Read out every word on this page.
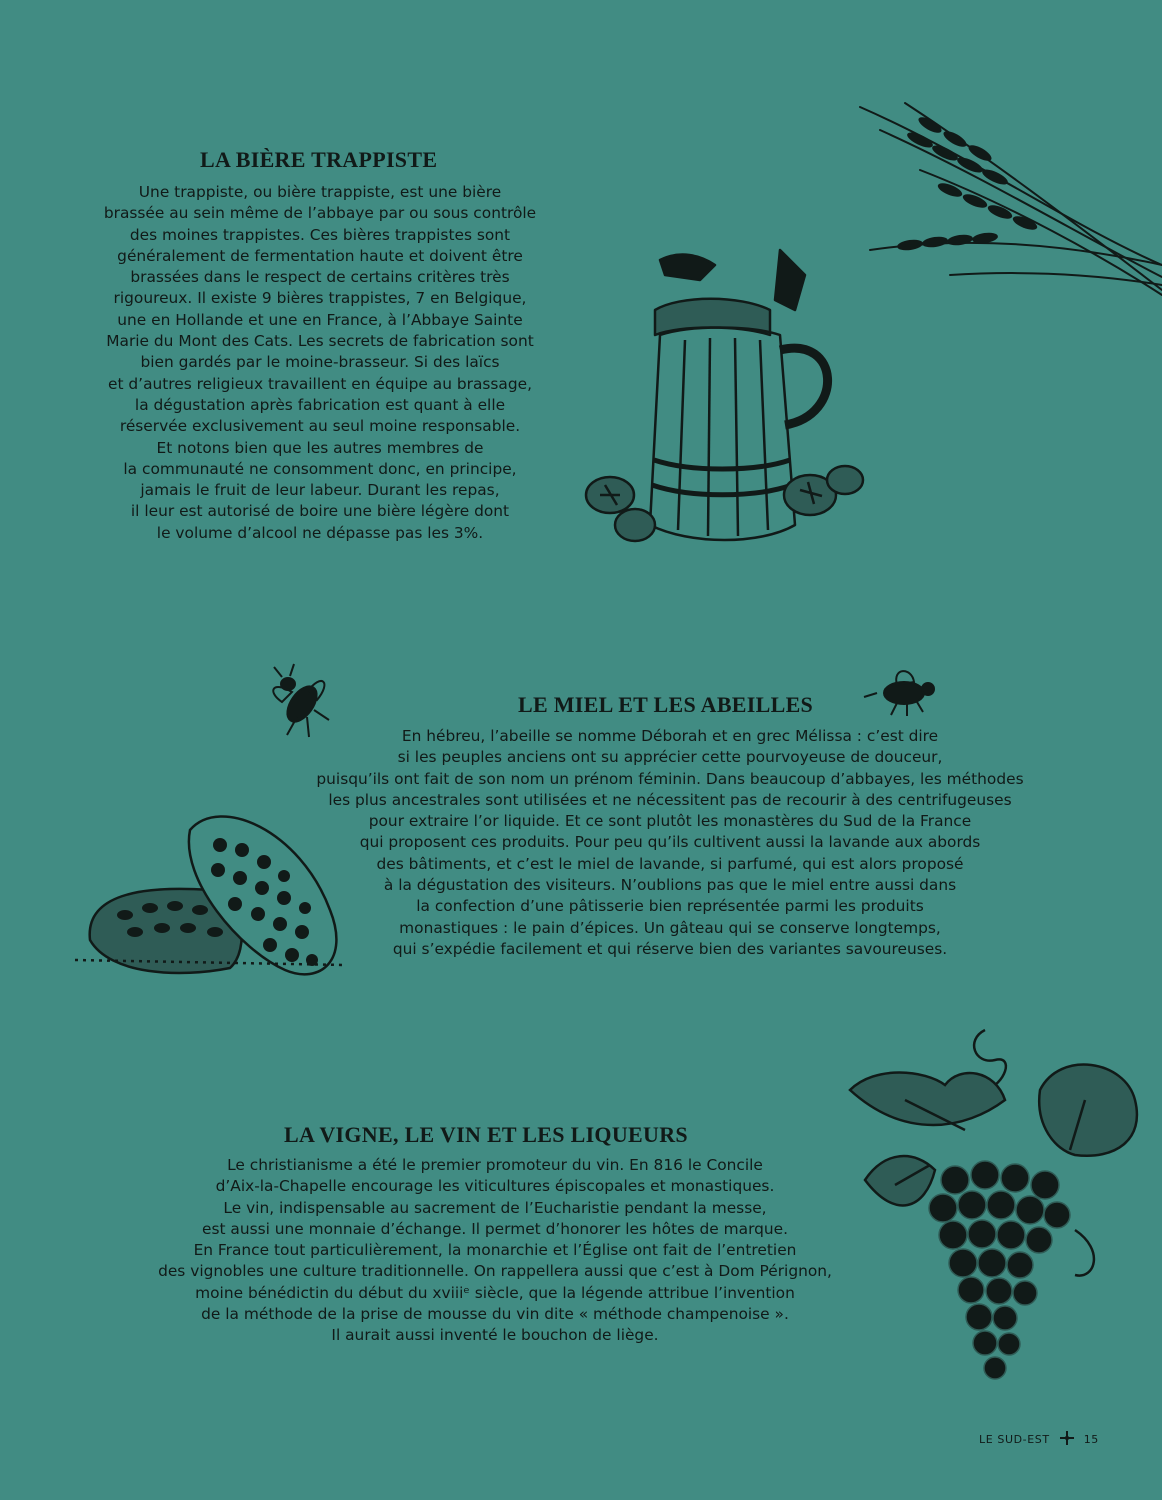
LA BIÈRE TRAPPISTE
Une trappiste, ou bière trappiste, est une bière
brassée au sein même de l’abbaye par ou sous contrôle
des moines trappistes. Ces bières trappistes sont
généralement de fermentation haute et doivent être
brassées dans le respect de certains critères très
rigoureux. Il existe 9 bières trappistes, 7 en Belgique,
une en Hollande et une en France, à l’Abbaye Sainte
Marie du Mont des Cats. Les secrets de fabrication sont
bien gardés par le moine-brasseur. Si des laïcs
et d’autres religieux travaillent en équipe au brassage,
la dégustation après fabrication est quant à elle
réservée exclusivement au seul moine responsable.
Et notons bien que les autres membres de
la communauté ne consomment donc, en principe,
jamais le fruit de leur labeur. Durant les repas,
il leur est autorisé de boire une bière légère dont
le volume d’alcool ne dépasse pas les 3%.
LE MIEL ET LES ABEILLES
En hébreu, l’abeille se nomme Déborah et en grec Mélissa : c’est dire
si les peuples anciens ont su apprécier cette pourvoyeuse de douceur,
puisqu’ils ont fait de son nom un prénom féminin. Dans beaucoup d’abbayes, les méthodes
les plus ancestrales sont utilisées et ne nécessitent pas de recourir à des centrifugeuses
pour extraire l’or liquide. Et ce sont plutôt les monastères du Sud de la France
qui proposent ces produits. Pour peu qu’ils cultivent aussi la lavande aux abords
des bâtiments, et c’est le miel de lavande, si parfumé, qui est alors proposé
à la dégustation des visiteurs. N’oublions pas que le miel entre aussi dans
la confection d’une pâtisserie bien représentée parmi les produits
monastiques : le pain d’épices. Un gâteau qui se conserve longtemps,
qui s’expédie facilement et qui réserve bien des variantes savoureuses.
LA VIGNE, LE VIN ET LES LIQUEURS
Le christianisme a été le premier promoteur du vin. En 816 le Concile
d’Aix-la-Chapelle encourage les viticultures épiscopales et monastiques.
Le vin, indispensable au sacrement de l’Eucharistie pendant la messe,
est aussi une monnaie d’échange. Il permet d’honorer les hôtes de marque.
En France tout particulièrement, la monarchie et l’Église ont fait de l’entretien
des vignobles une culture traditionnelle. On rappellera aussi que c’est à Dom Pérignon,
moine bénédictin du début du xviiiᵉ siècle, que la légende attribue l’invention
de la méthode de la prise de mousse du vin dite « méthode champenoise ».
Il aurait aussi inventé le bouchon de liège.
LE SUD-EST	15
